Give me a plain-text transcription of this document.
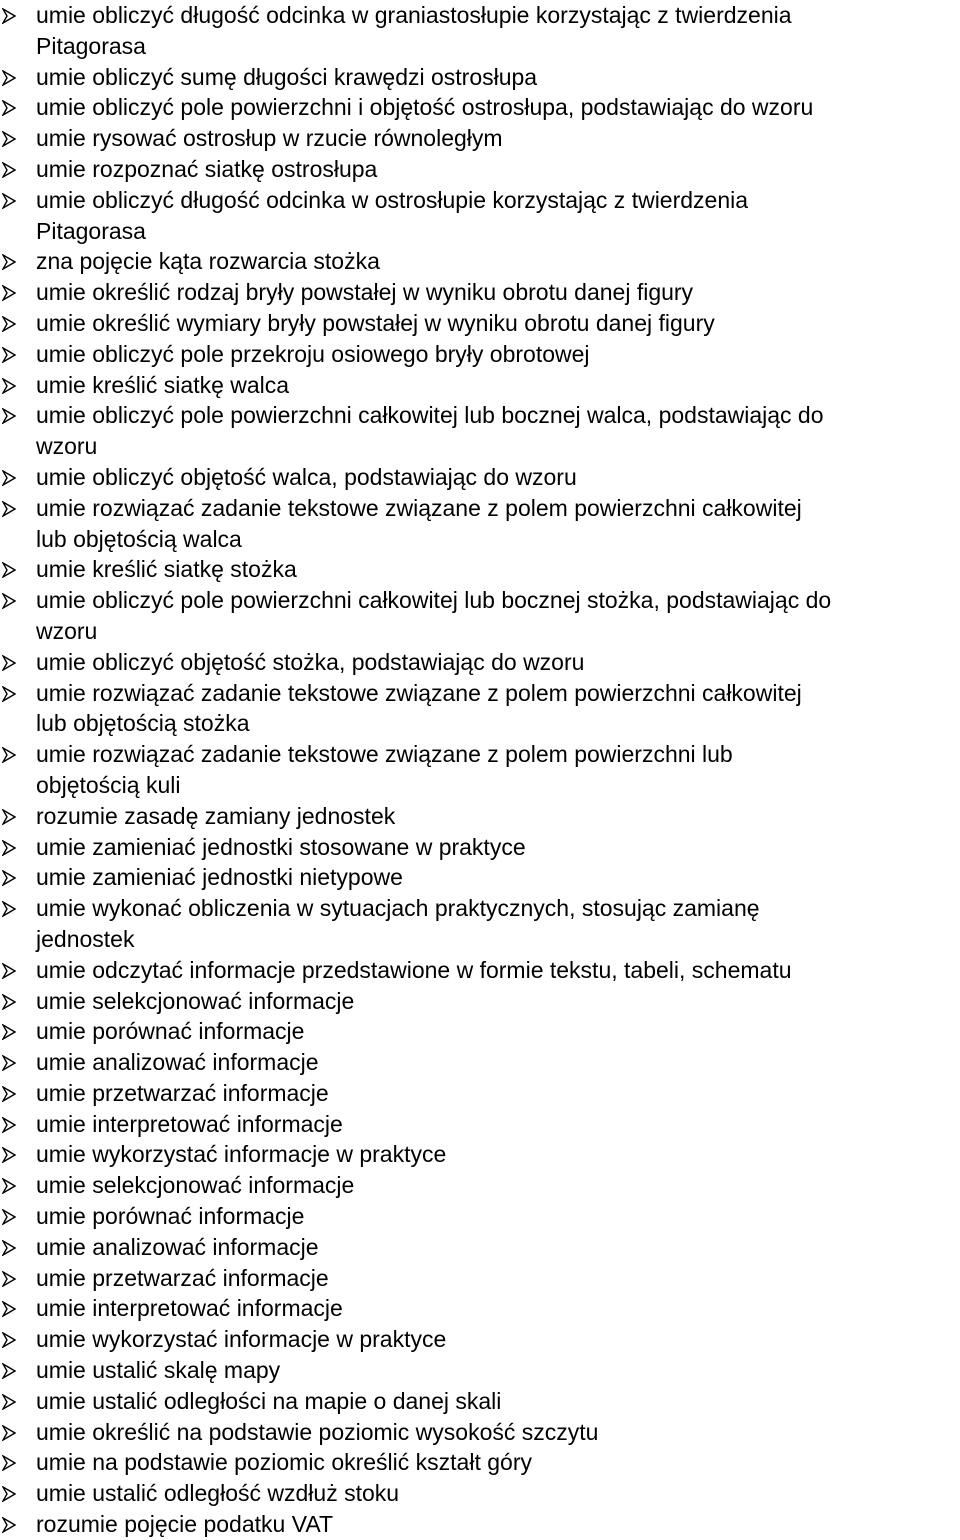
umie obliczyć długość odcinka w graniastosłupie korzystając z twierdzenia
Pitagorasa
umie obliczyć sumę długości krawędzi ostrosłupa
umie obliczyć pole powierzchni i objętość ostrosłupa, podstawiając do wzoru
umie rysować ostrosłup w rzucie równoległym
umie rozpoznać siatkę ostrosłupa
umie obliczyć długość odcinka w ostrosłupie korzystając z twierdzenia
Pitagorasa
zna pojęcie kąta rozwarcia stożka
umie określić rodzaj bryły powstałej w wyniku obrotu danej figury
umie określić wymiary bryły powstałej w wyniku obrotu danej figury
umie obliczyć pole przekroju osiowego bryły obrotowej
umie kreślić siatkę walca
umie obliczyć pole powierzchni całkowitej lub bocznej walca, podstawiając do
wzoru
umie obliczyć objętość walca, podstawiając do wzoru
umie rozwiązać zadanie tekstowe związane z polem powierzchni całkowitej
lub objętością walca
umie kreślić siatkę stożka
umie obliczyć pole powierzchni całkowitej lub bocznej stożka, podstawiając do
wzoru
umie obliczyć objętość stożka, podstawiając do wzoru
umie rozwiązać zadanie tekstowe związane z polem powierzchni całkowitej
lub objętością stożka
umie rozwiązać zadanie tekstowe związane z polem powierzchni lub
objętością kuli
rozumie zasadę zamiany jednostek
umie zamieniać jednostki stosowane w praktyce
umie zamieniać jednostki nietypowe
umie wykonać obliczenia w sytuacjach praktycznych, stosując zamianę
jednostek
umie odczytać informacje przedstawione w formie tekstu, tabeli, schematu
umie selekcjonować informacje
umie porównać informacje
umie analizować informacje
umie przetwarzać informacje
umie interpretować informacje
umie wykorzystać informacje w praktyce
umie selekcjonować informacje
umie porównać informacje
umie analizować informacje
umie przetwarzać informacje
umie interpretować informacje
umie wykorzystać informacje w praktyce
umie ustalić skalę mapy
umie ustalić odległości na mapie o danej skali
umie określić na podstawie poziomic wysokość szczytu
umie na podstawie poziomic określić kształt góry
umie ustalić odległość wzdłuż stoku
rozumie pojęcie podatku VAT
